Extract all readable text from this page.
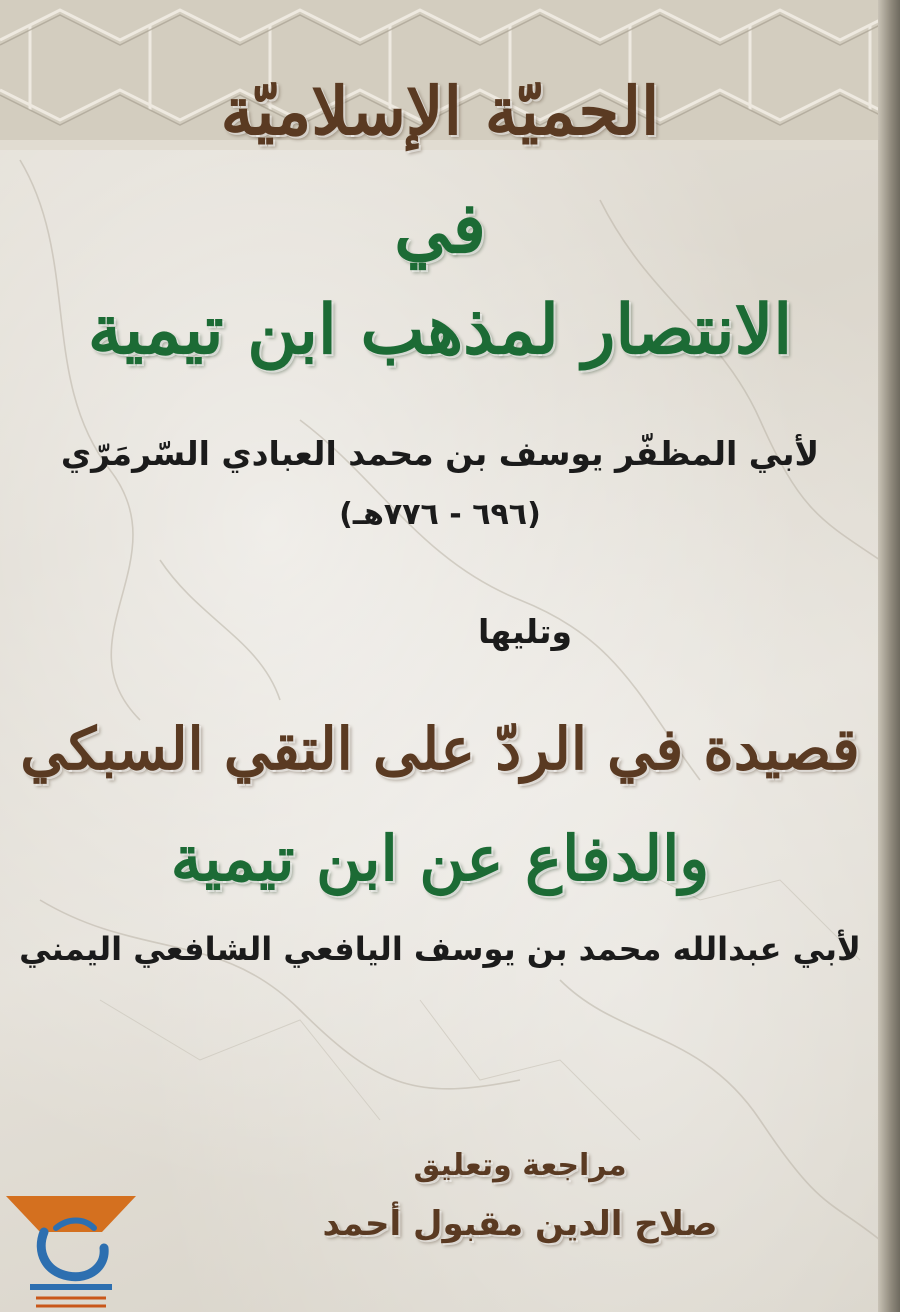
الحميّة الإسلاميّة
في
الانتصار لمذهب ابن تيمية

لأبي المظفّر يوسف بن محمد العبادي السّرمَرّي

(٦٩٦ - ٧٧٦هـ)

وتليها

قصيدة في الردّ على التقي السبكي
والدفاع عن ابن تيمية

لأبي عبدالله محمد بن يوسف اليافعي الشافعي اليمني

مراجعة وتعليق

صلاح الدين مقبول أحمد
